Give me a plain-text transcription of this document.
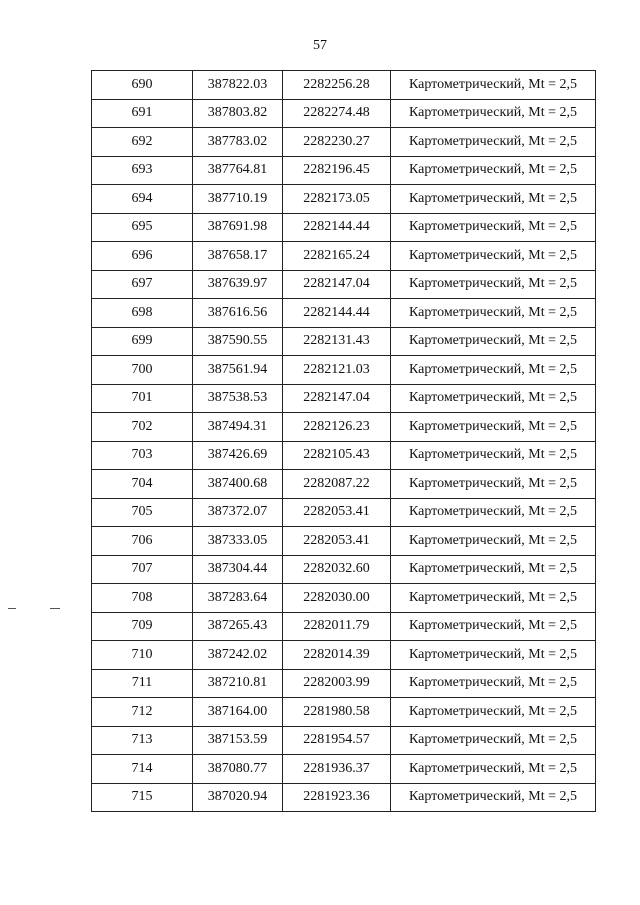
57
690	387822.03	2282256.28	Картометрический, Mt = 2,5
691	387803.82	2282274.48	Картометрический, Mt = 2,5
692	387783.02	2282230.27	Картометрический, Mt = 2,5
693	387764.81	2282196.45	Картометрический, Mt = 2,5
694	387710.19	2282173.05	Картометрический, Mt = 2,5
695	387691.98	2282144.44	Картометрический, Mt = 2,5
696	387658.17	2282165.24	Картометрический, Mt = 2,5
697	387639.97	2282147.04	Картометрический, Mt = 2,5
698	387616.56	2282144.44	Картометрический, Mt = 2,5
699	387590.55	2282131.43	Картометрический, Mt = 2,5
700	387561.94	2282121.03	Картометрический, Mt = 2,5
701	387538.53	2282147.04	Картометрический, Mt = 2,5
702	387494.31	2282126.23	Картометрический, Mt = 2,5
703	387426.69	2282105.43	Картометрический, Mt = 2,5
704	387400.68	2282087.22	Картометрический, Mt = 2,5
705	387372.07	2282053.41	Картометрический, Mt = 2,5
706	387333.05	2282053.41	Картометрический, Mt = 2,5
707	387304.44	2282032.60	Картометрический, Mt = 2,5
708	387283.64	2282030.00	Картометрический, Mt = 2,5
709	387265.43	2282011.79	Картометрический, Mt = 2,5
710	387242.02	2282014.39	Картометрический, Mt = 2,5
711	387210.81	2282003.99	Картометрический, Mt = 2,5
712	387164.00	2281980.58	Картометрический, Mt = 2,5
713	387153.59	2281954.57	Картометрический, Mt = 2,5
714	387080.77	2281936.37	Картометрический, Mt = 2,5
715	387020.94	2281923.36	Картометрический, Mt = 2,5
